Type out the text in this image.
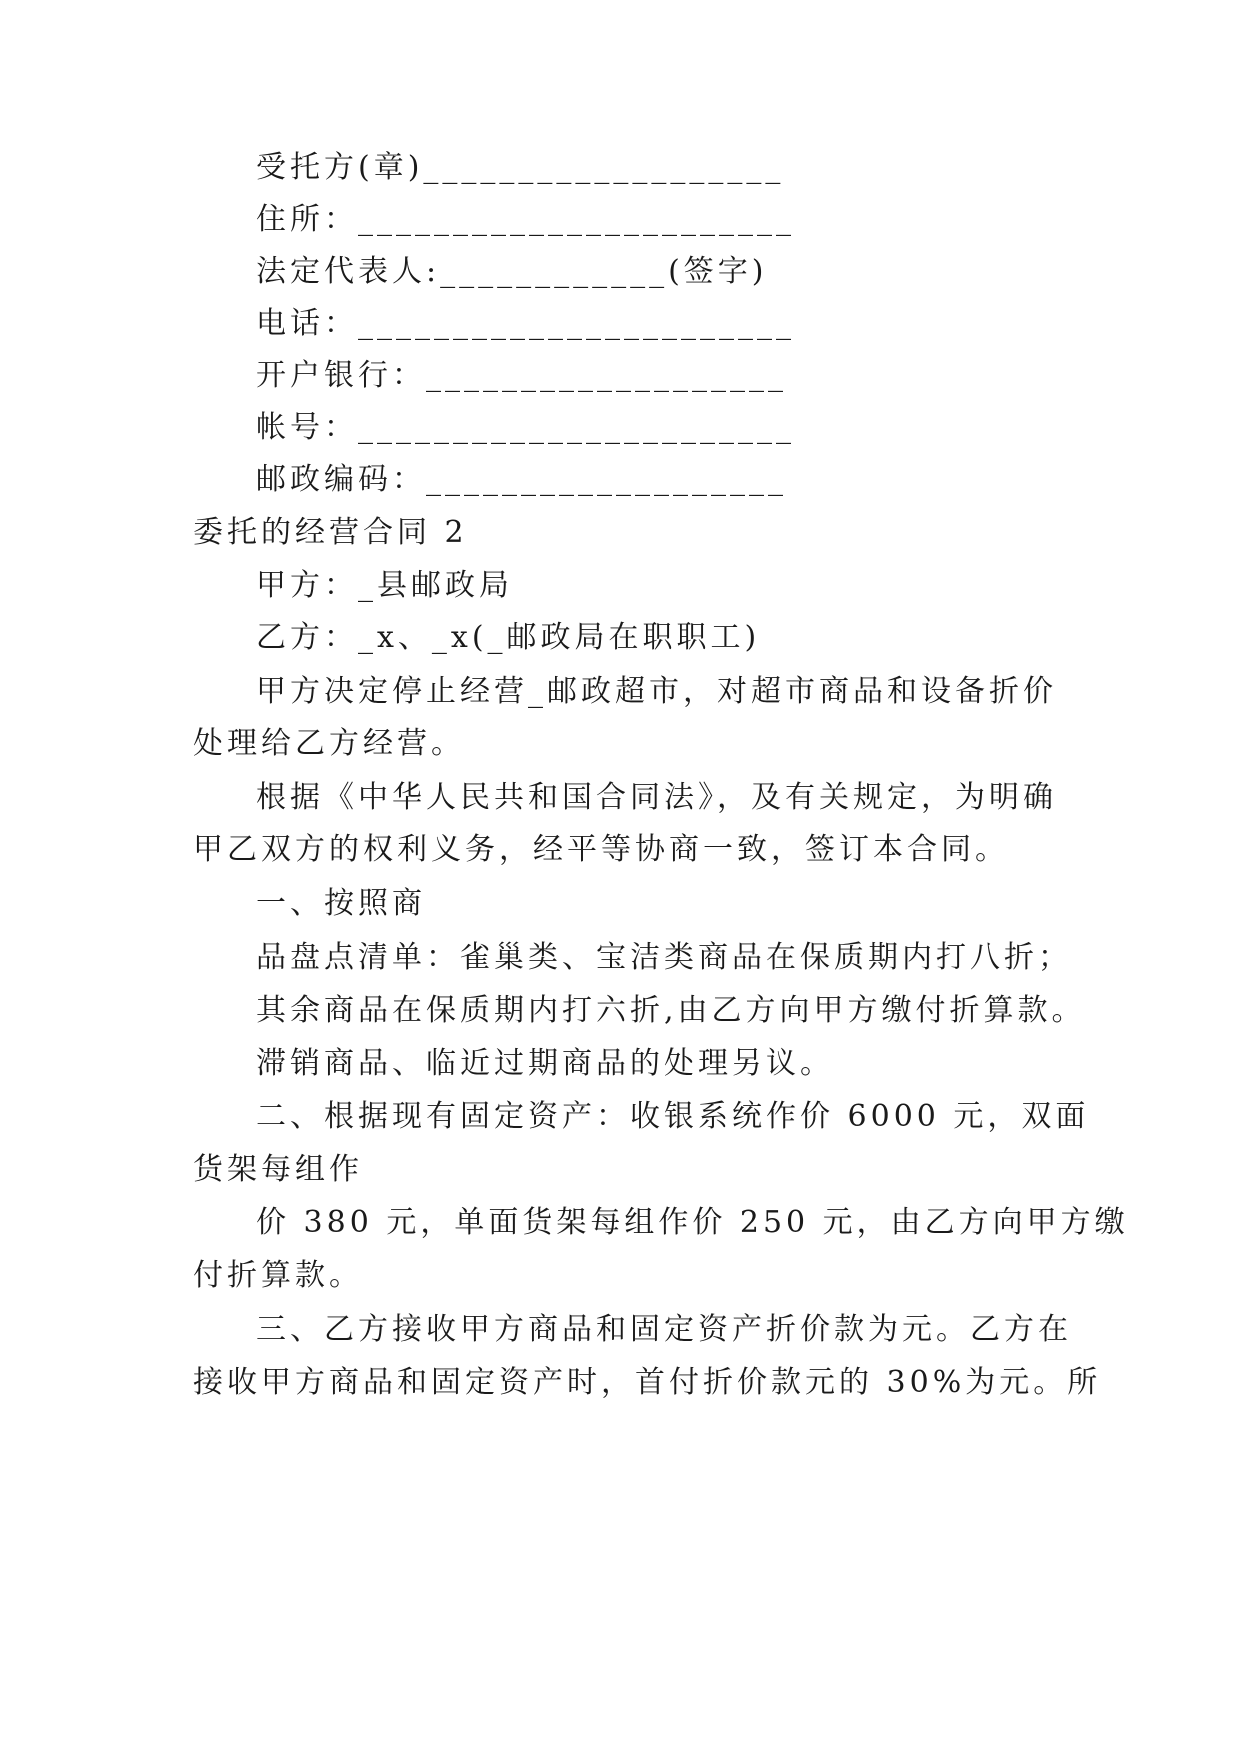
受托方(章)___________________
住所：_______________________
法定代表人:____________(签字)
电话：_______________________
开户银行：___________________
帐号：_______________________
邮政编码：___________________
委托的经营合同 2
甲方：_县邮政局
乙方：_x、_x(_邮政局在职职工)
甲方决定停止经营_邮政超市，对超市商品和设备折价
处理给乙方经营。
根据《中华人民共和国合同法》，及有关规定，为明确
甲乙双方的权利义务，经平等协商一致，签订本合同。
一、按照商
品盘点清单：雀巢类、宝洁类商品在保质期内打八折；
其余商品在保质期内打六折,由乙方向甲方缴付折算款。
滞销商品、临近过期商品的处理另议。
二、根据现有固定资产：收银系统作价 6000 元，双面
货架每组作
价 380 元，单面货架每组作价 250 元，由乙方向甲方缴
付折算款。
三、乙方接收甲方商品和固定资产折价款为元。乙方在
接收甲方商品和固定资产时，首付折价款元的 30%为元。所
